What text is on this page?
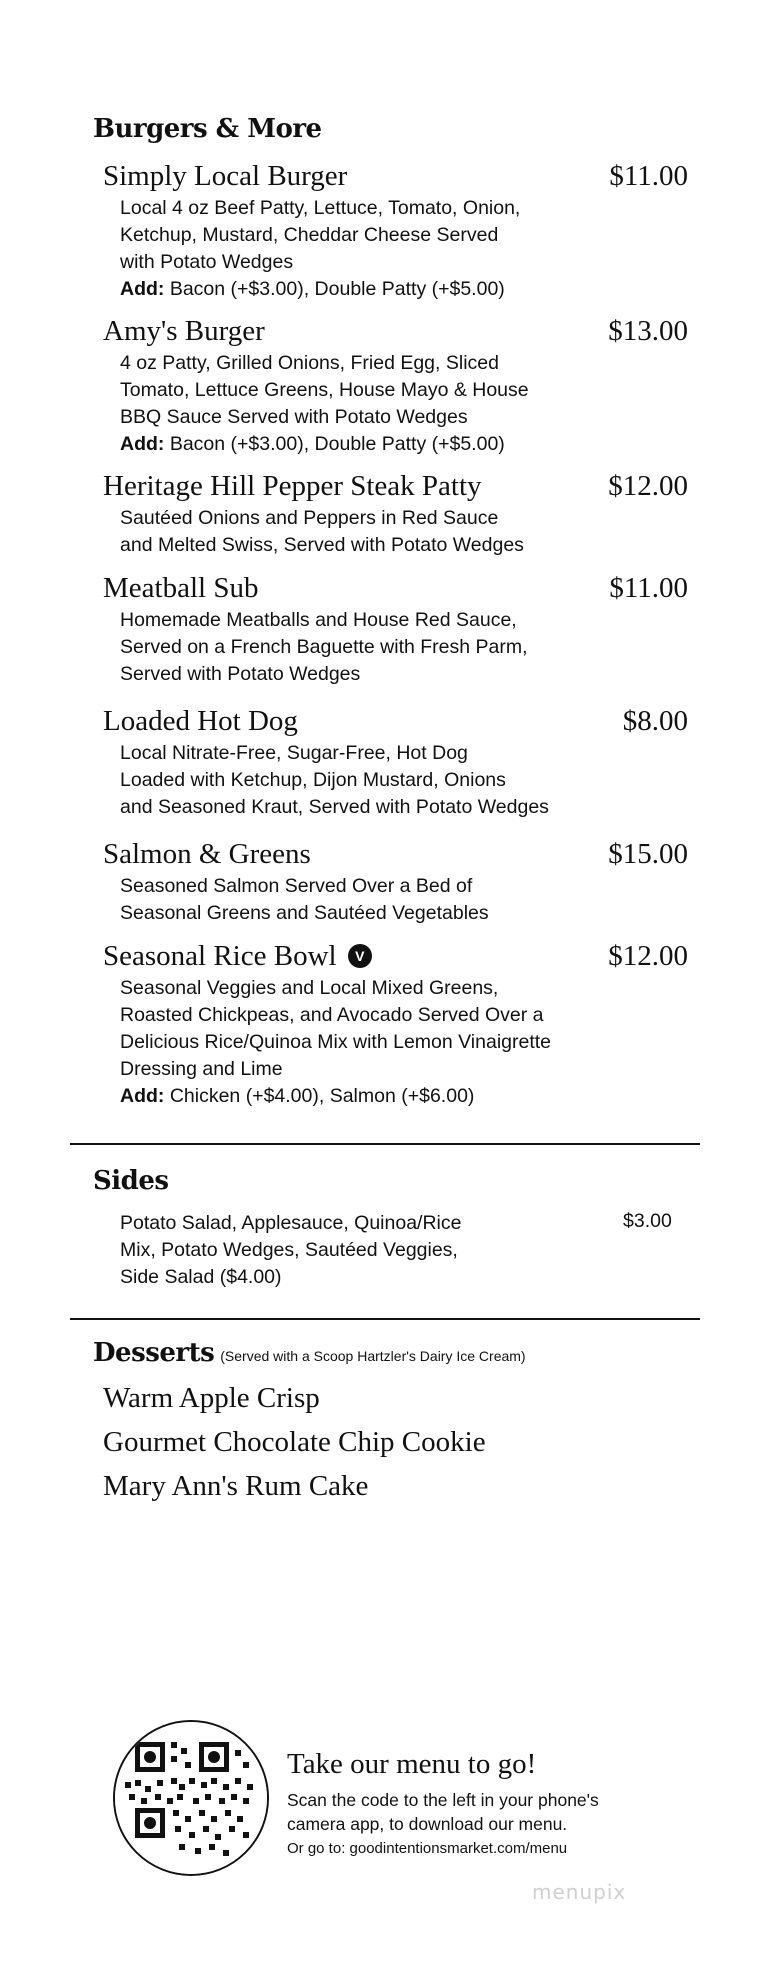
Burgers & More
Simply Local Burger	$11.00
Local 4 oz Beef Patty, Lettuce, Tomato, Onion,
Ketchup, Mustard, Cheddar Cheese Served
with Potato Wedges
Add: Bacon (+$3.00), Double Patty (+$5.00)
Amy's Burger	$13.00
4 oz Patty, Grilled Onions, Fried Egg, Sliced
Tomato, Lettuce Greens, House Mayo & House
BBQ Sauce Served with Potato Wedges
Add: Bacon (+$3.00), Double Patty (+$5.00)
Heritage Hill Pepper Steak Patty	$12.00
Sautéed Onions and Peppers in Red Sauce
and Melted Swiss, Served with Potato Wedges
Meatball Sub	$11.00
Homemade Meatballs and House Red Sauce,
Served on a French Baguette with Fresh Parm,
Served with Potato Wedges
Loaded Hot Dog	$8.00
Local Nitrate-Free, Sugar-Free, Hot Dog
Loaded with Ketchup, Dijon Mustard, Onions
and Seasoned Kraut, Served with Potato Wedges
Salmon & Greens	$15.00
Seasoned Salmon Served Over a Bed of
Seasonal Greens and Sautéed Vegetables
Seasonal Rice Bowl V	$12.00
Seasonal Veggies and Local Mixed Greens,
Roasted Chickpeas, and Avocado Served Over a
Delicious Rice/Quinoa Mix with Lemon Vinaigrette
Dressing and Lime
Add: Chicken (+$4.00), Salmon (+$6.00)
Sides
Potato Salad, Applesauce, Quinoa/Rice
Mix, Potato Wedges, Sautéed Veggies,
Side Salad ($4.00)
$3.00
Desserts (Served with a Scoop Hartzler's Dairy Ice Cream)
Warm Apple Crisp
Gourmet Chocolate Chip Cookie
Mary Ann's Rum Cake
Take our menu to go!
Scan the code to the left in your phone's
camera app, to download our menu.
Or go to: goodintentionsmarket.com/menu
menupix
